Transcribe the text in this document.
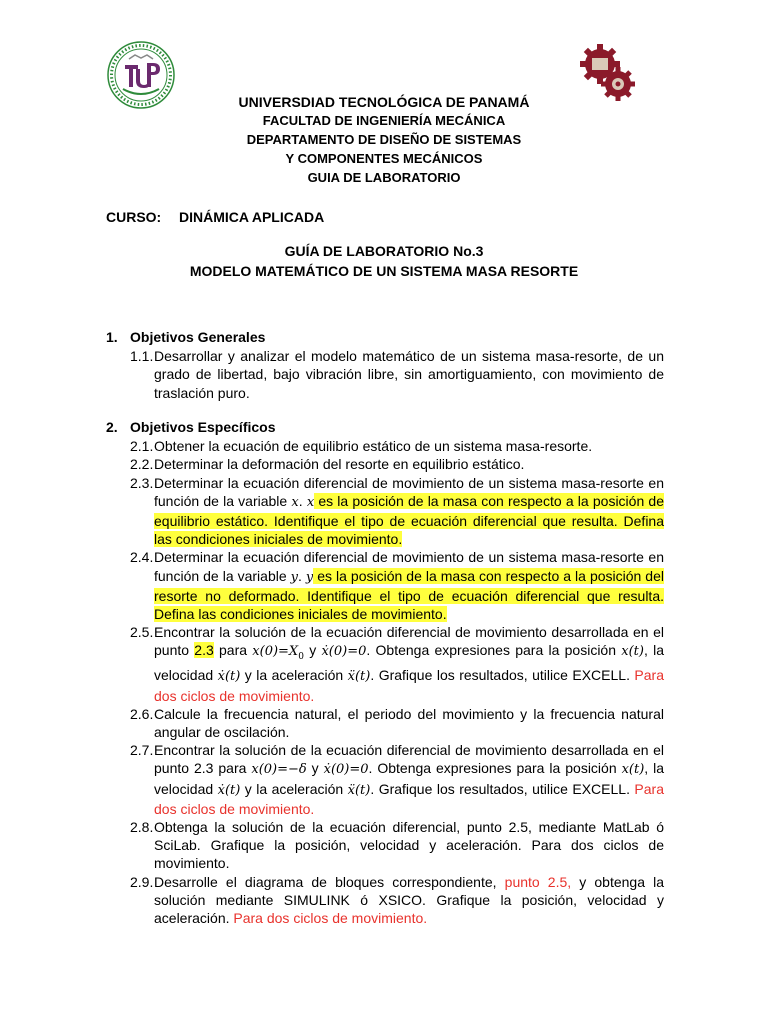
UNIVERSDIAD TECNOLÓGICA DE PANAMÁ
FACULTAD DE INGENIERÍA MECÁNICA
DEPARTAMENTO DE DISEÑO DE SISTEMAS
Y COMPONENTES MECÁNICOS
GUIA DE LABORATORIO
CURSO: DINÁMICA APLICADA
GUÍA DE LABORATORIO No.3
MODELO MATEMÁTICO DE UN SISTEMA MASA RESORTE
1. Objetivos Generales
1.1. Desarrollar y analizar el modelo matemático de un sistema masa-resorte, de un grado de libertad, bajo vibración libre, sin amortiguamiento, con movimiento de traslación puro.
2. Objetivos Específicos
2.1. Obtener la ecuación de equilibrio estático de un sistema masa-resorte.
2.2. Determinar la deformación del resorte en equilibrio estático.
2.3. Determinar la ecuación diferencial de movimiento de un sistema masa-resorte en función de la variable x. x es la posición de la masa con respecto a la posición de equilibrio estático. Identifique el tipo de ecuación diferencial que resulta. Defina las condiciones iniciales de movimiento.
2.4. Determinar la ecuación diferencial de movimiento de un sistema masa-resorte en función de la variable y. y es la posición de la masa con respecto a la posición del resorte no deformado. Identifique el tipo de ecuación diferencial que resulta. Defina las condiciones iniciales de movimiento.
2.5. Encontrar la solución de la ecuación diferencial de movimiento desarrollada en el punto 2.3 para $x(0)=X_0$ y ẋ(0)=0. Obtenga expresiones para la posición x(t), la velocidad ẋ(t) y la aceleración ẍ(t). Grafique los resultados, utilice EXCELL. Para dos ciclos de movimiento.
2.6. Calcule la frecuencia natural, el periodo del movimiento y la frecuencia natural angular de oscilación.
2.7. Encontrar la solución de la ecuación diferencial de movimiento desarrollada en el punto 2.3 para x(0)=−δ y ẋ(0)=0. Obtenga expresiones para la posición x(t), la velocidad ẋ(t) y la aceleración ẍ(t). Grafique los resultados, utilice EXCELL. Para dos ciclos de movimiento.
2.8. Obtenga la solución de la ecuación diferencial, punto 2.5, mediante MatLab ó SciLab. Grafique la posición, velocidad y aceleración. Para dos ciclos de movimiento.
2.9. Desarrolle el diagrama de bloques correspondiente, punto 2.5, y obtenga la solución mediante SIMULINK ó XSICO. Grafique la posición, velocidad y aceleración. Para dos ciclos de movimiento.
